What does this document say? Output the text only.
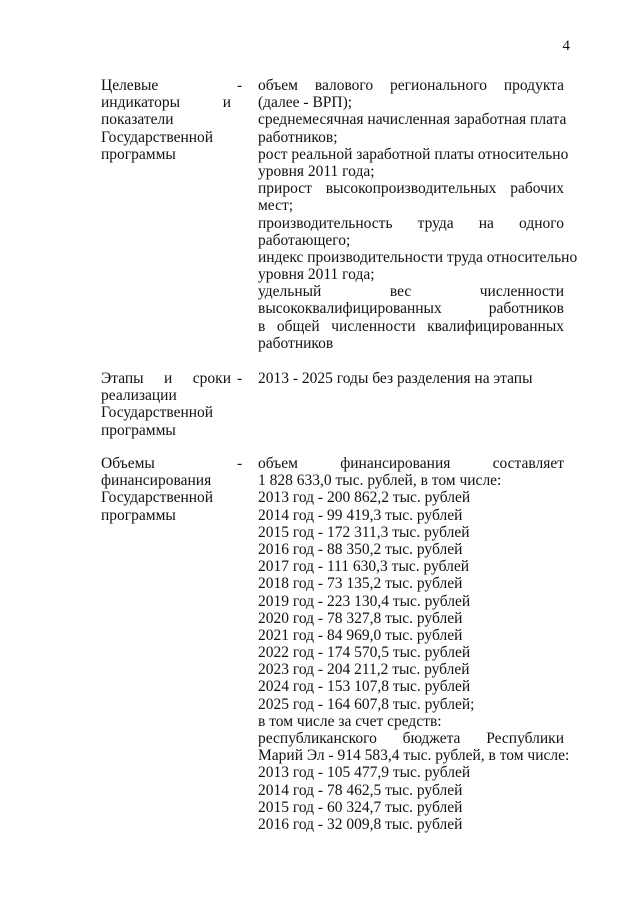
4
Целевые
индикаторы и
показатели
Государственной
программы
- объем валового регионального продукта
(далее - ВРП);
среднемесячная начисленная заработная плата
работников;
рост реальной заработной платы относительно
уровня 2011 года;
прирост высокопроизводительных рабочих
мест;
производительность труда на одного
работающего;
индекс производительности труда относительно
уровня 2011 года;
удельный вес численности
высококвалифицированных работников
в общей численности квалифицированных
работников
Этапы и сроки
реализации
Государственной
программы
- 2013 - 2025 годы без разделения на этапы
Объемы
финансирования
Государственной
программы
- объем финансирования составляет
1 828 633,0 тыс. рублей, в том числе:
2013 год - 200 862,2 тыс. рублей
2014 год - 99 419,3 тыс. рублей
2015 год - 172 311,3 тыс. рублей
2016 год - 88 350,2 тыс. рублей
2017 год - 111 630,3 тыс. рублей
2018 год - 73 135,2 тыс. рублей
2019 год - 223 130,4 тыс. рублей
2020 год - 78 327,8 тыс. рублей
2021 год - 84 969,0 тыс. рублей
2022 год - 174 570,5 тыс. рублей
2023 год - 204 211,2 тыс. рублей
2024 год - 153 107,8 тыс. рублей
2025 год - 164 607,8 тыс. рублей;
в том числе за счет средств:
республиканского бюджета Республики
Марий Эл - 914 583,4 тыс. рублей, в том числе:
2013 год - 105 477,9 тыс. рублей
2014 год - 78 462,5 тыс. рублей
2015 год - 60 324,7 тыс. рублей
2016 год - 32 009,8 тыс. рублей
